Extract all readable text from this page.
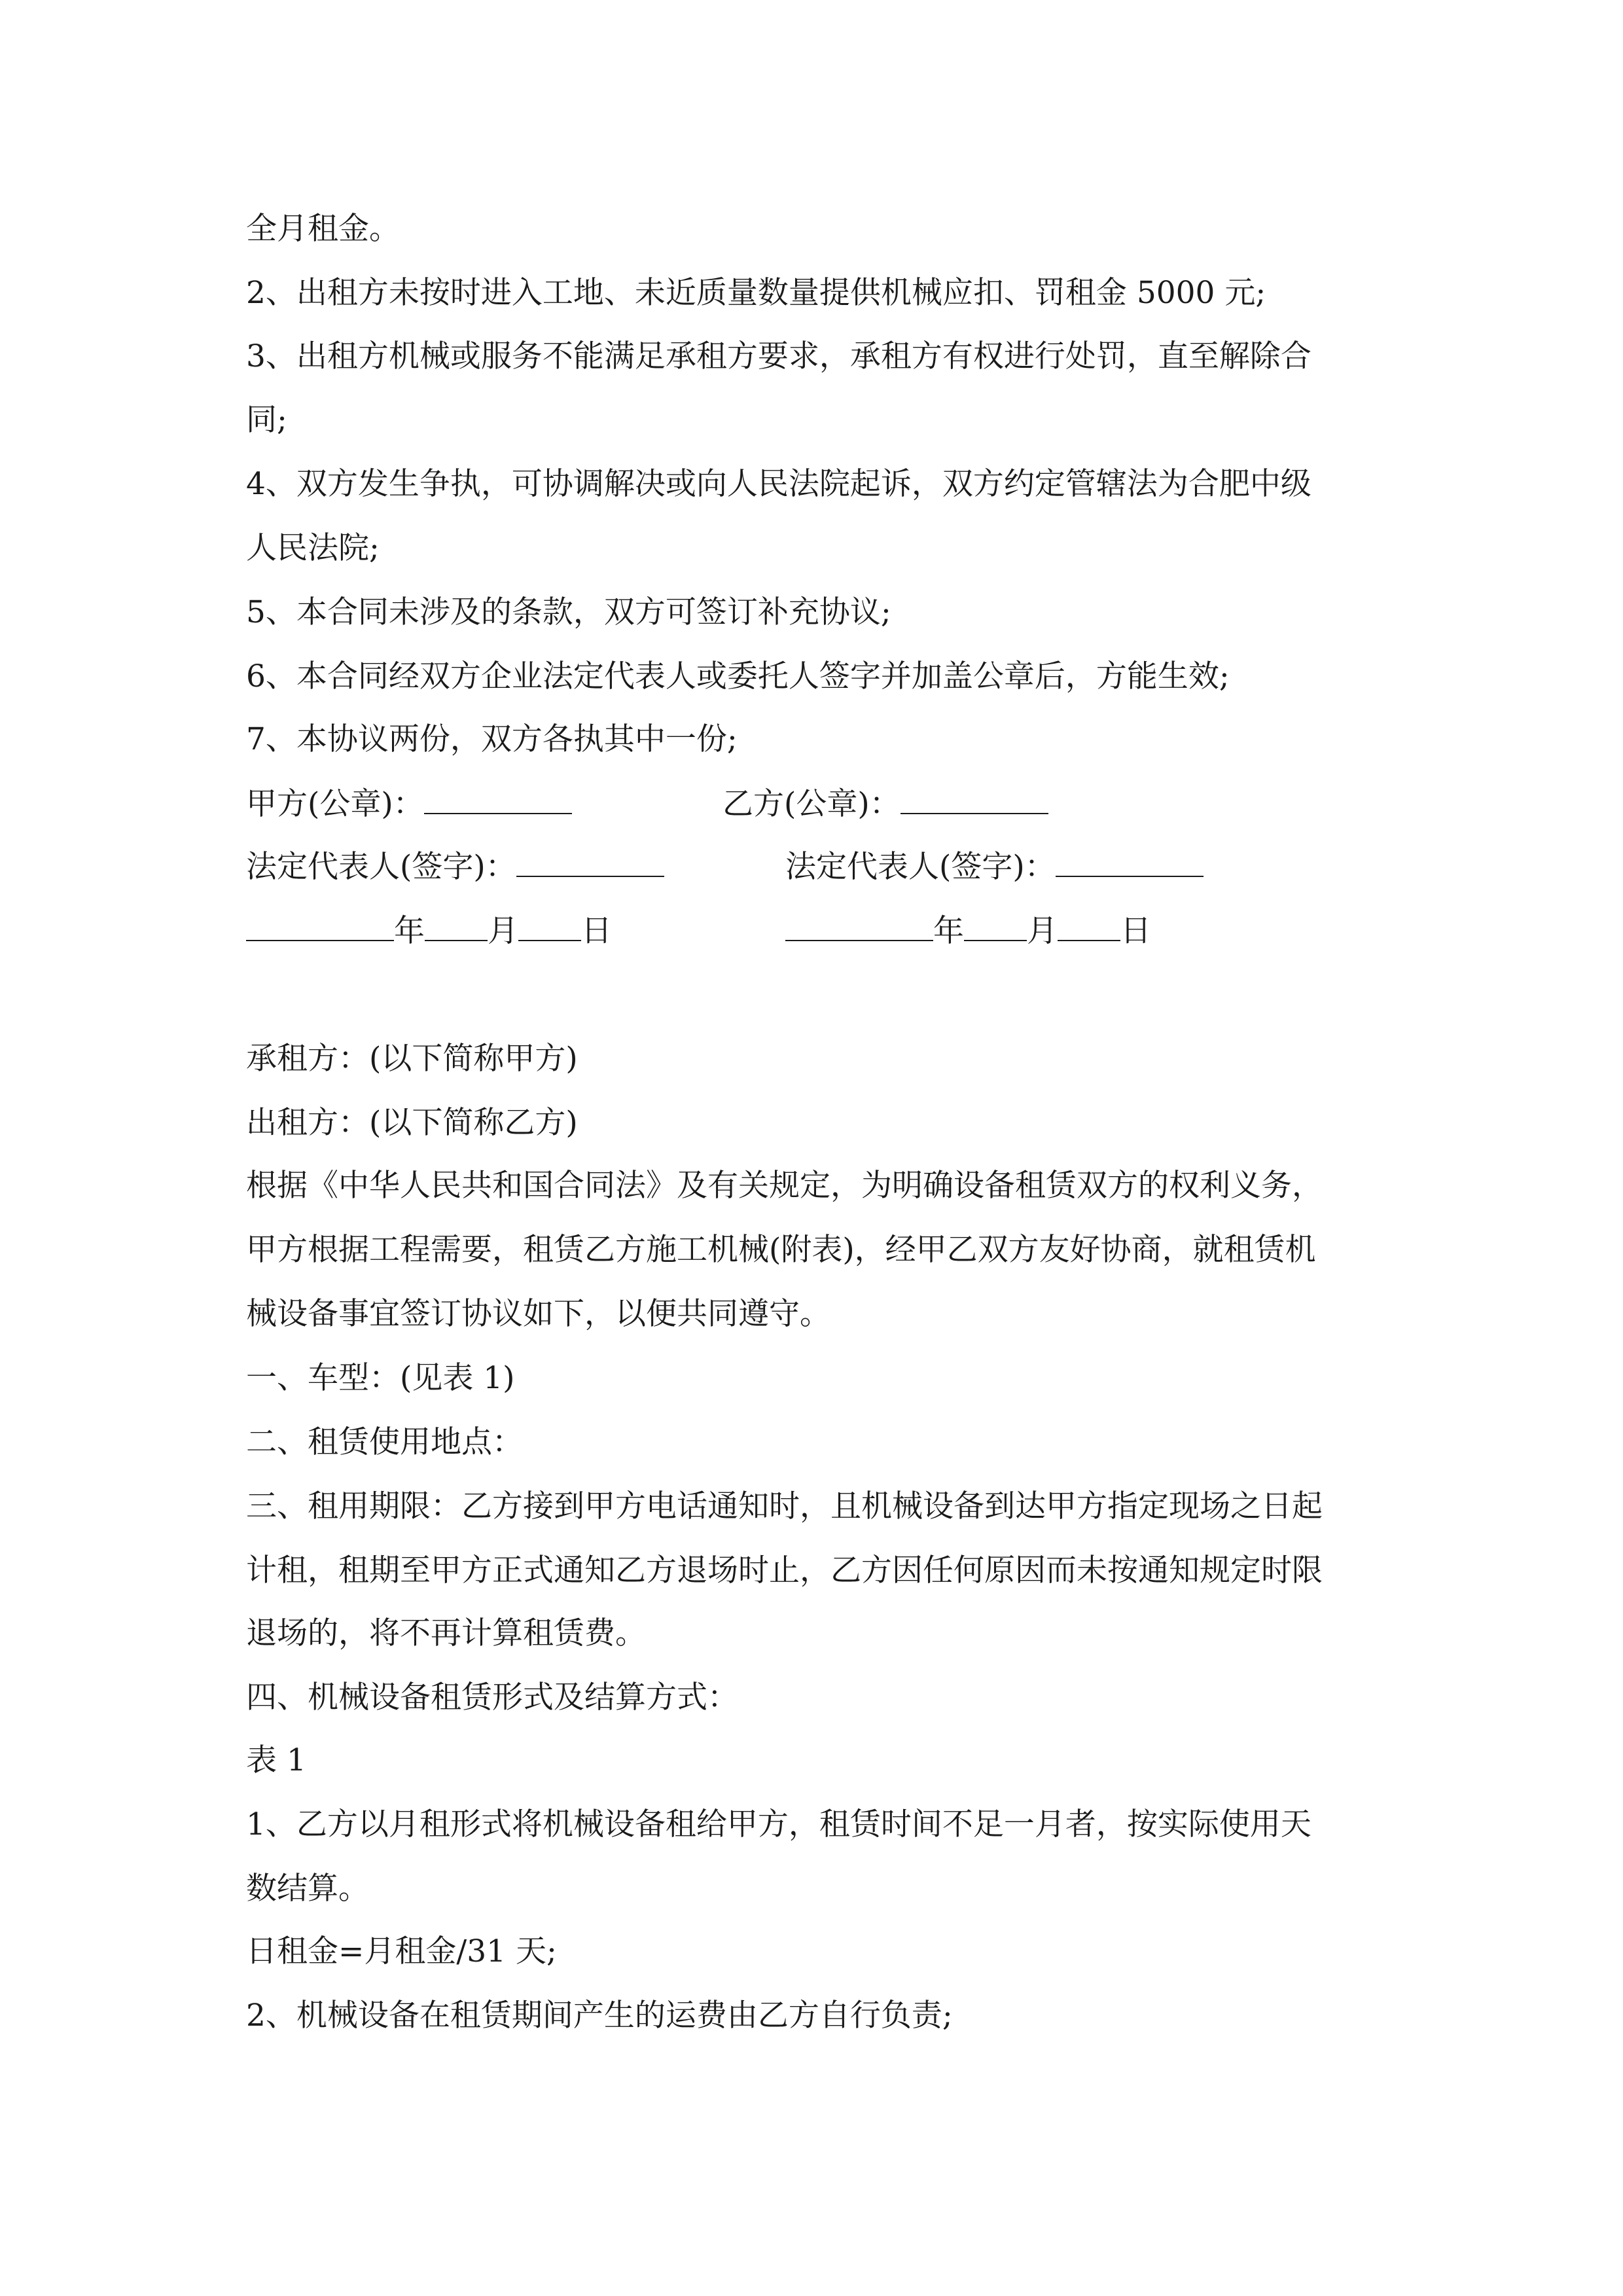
全月租金。
2、出租方未按时进入工地、未近质量数量提供机械应扣、罚租金 5000 元;
3、出租方机械或服务不能满足承租方要求，承租方有权进行处罚，直至解除合
同;
4、双方发生争执，可协调解决或向人民法院起诉，双方约定管辖法为合肥中级
人民法院;
5、本合同未涉及的条款，双方可签订补充协议;
6、本合同经双方企业法定代表人或委托人签字并加盖公章后，方能生效;
7、本协议两份，双方各执其中一份;
甲方(公章)：	乙方(公章)：
法定代表人(签字)：	法定代表人(签字)：
年 月 日	年 月 日
承租方：(以下简称甲方)
出租方：(以下简称乙方)
根据《中华人民共和国合同法》及有关规定，为明确设备租赁双方的权利义务，
甲方根据工程需要，租赁乙方施工机械(附表)，经甲乙双方友好协商，就租赁机
械设备事宜签订协议如下，以便共同遵守。
一、车型：(见表 1)
二、租赁使用地点：
三、租用期限：乙方接到甲方电话通知时，且机械设备到达甲方指定现场之日起
计租，租期至甲方正式通知乙方退场时止，乙方因任何原因而未按通知规定时限
退场的，将不再计算租赁费。
四、机械设备租赁形式及结算方式：
表 1
1、乙方以月租形式将机械设备租给甲方，租赁时间不足一月者，按实际使用天
数结算。
日租金=月租金/31 天;
2、机械设备在租赁期间产生的运费由乙方自行负责;
